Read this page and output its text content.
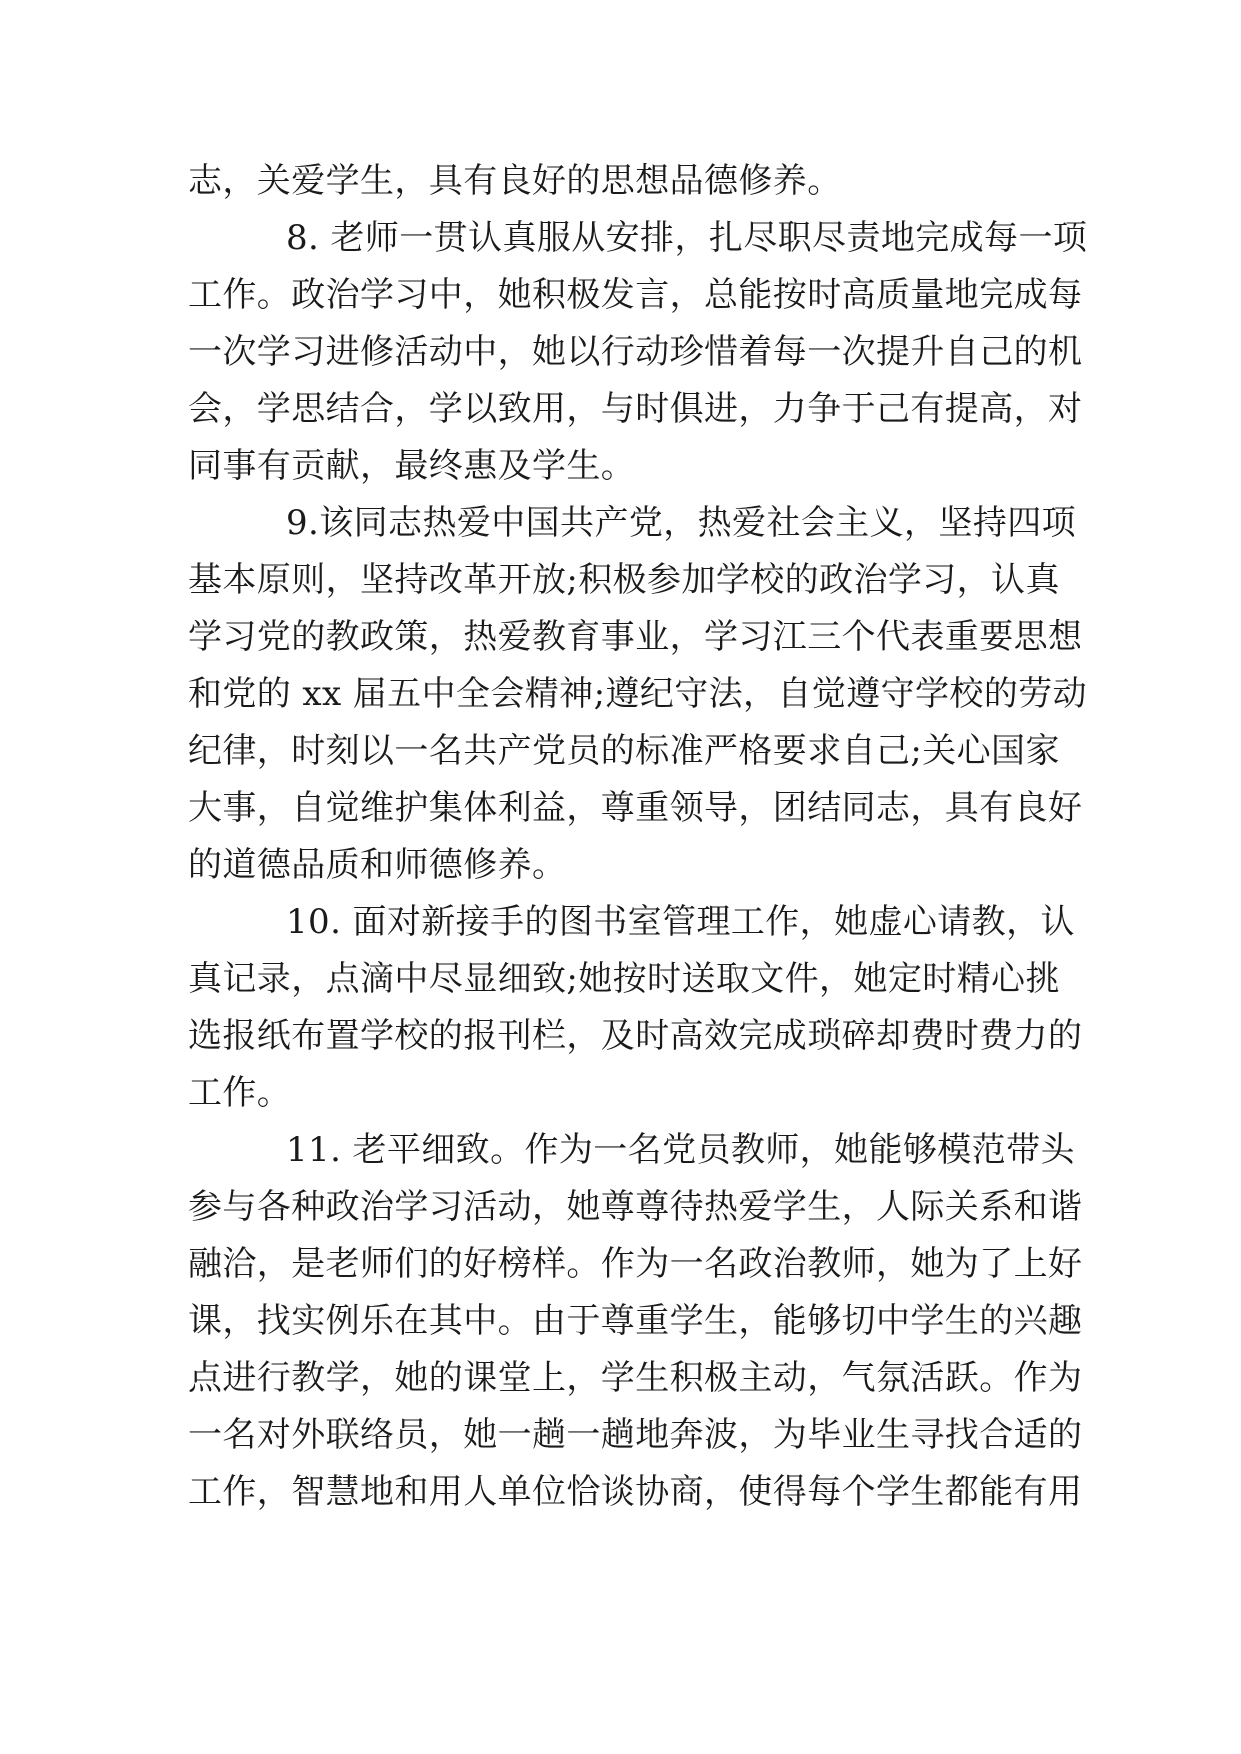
志，关爱学生，具有良好的思想品德修养。
8. 老师一贯认真服从安排，扎尽职尽责地完成每一项
工作。政治学习中，她积极发言，总能按时高质量地完成每
一次学习进修活动中，她以行动珍惜着每一次提升自己的机
会，学思结合，学以致用，与时俱进，力争于己有提高，对
同事有贡献，最终惠及学生。
9.该同志热爱中国共产党，热爱社会主义，坚持四项
基本原则，坚持改革开放;积极参加学校的政治学习，认真
学习党的教政策，热爱教育事业，学习江三个代表重要思想
和党的 xx 届五中全会精神;遵纪守法，自觉遵守学校的劳动
纪律，时刻以一名共产党员的标准严格要求自己;关心国家
大事，自觉维护集体利益，尊重领导，团结同志，具有良好
的道德品质和师德修养。
10. 面对新接手的图书室管理工作，她虚心请教，认
真记录，点滴中尽显细致;她按时送取文件，她定时精心挑
选报纸布置学校的报刊栏，及时高效完成琐碎却费时费力的
工作。
11. 老平细致。作为一名党员教师，她能够模范带头
参与各种政治学习活动，她尊尊待热爱学生，人际关系和谐
融洽，是老师们的好榜样。作为一名政治教师，她为了上好
课，找实例乐在其中。由于尊重学生，能够切中学生的兴趣
点进行教学，她的课堂上，学生积极主动，气氛活跃。作为
一名对外联络员，她一趟一趟地奔波，为毕业生寻找合适的
工作，智慧地和用人单位恰谈协商，使得每个学生都能有用
